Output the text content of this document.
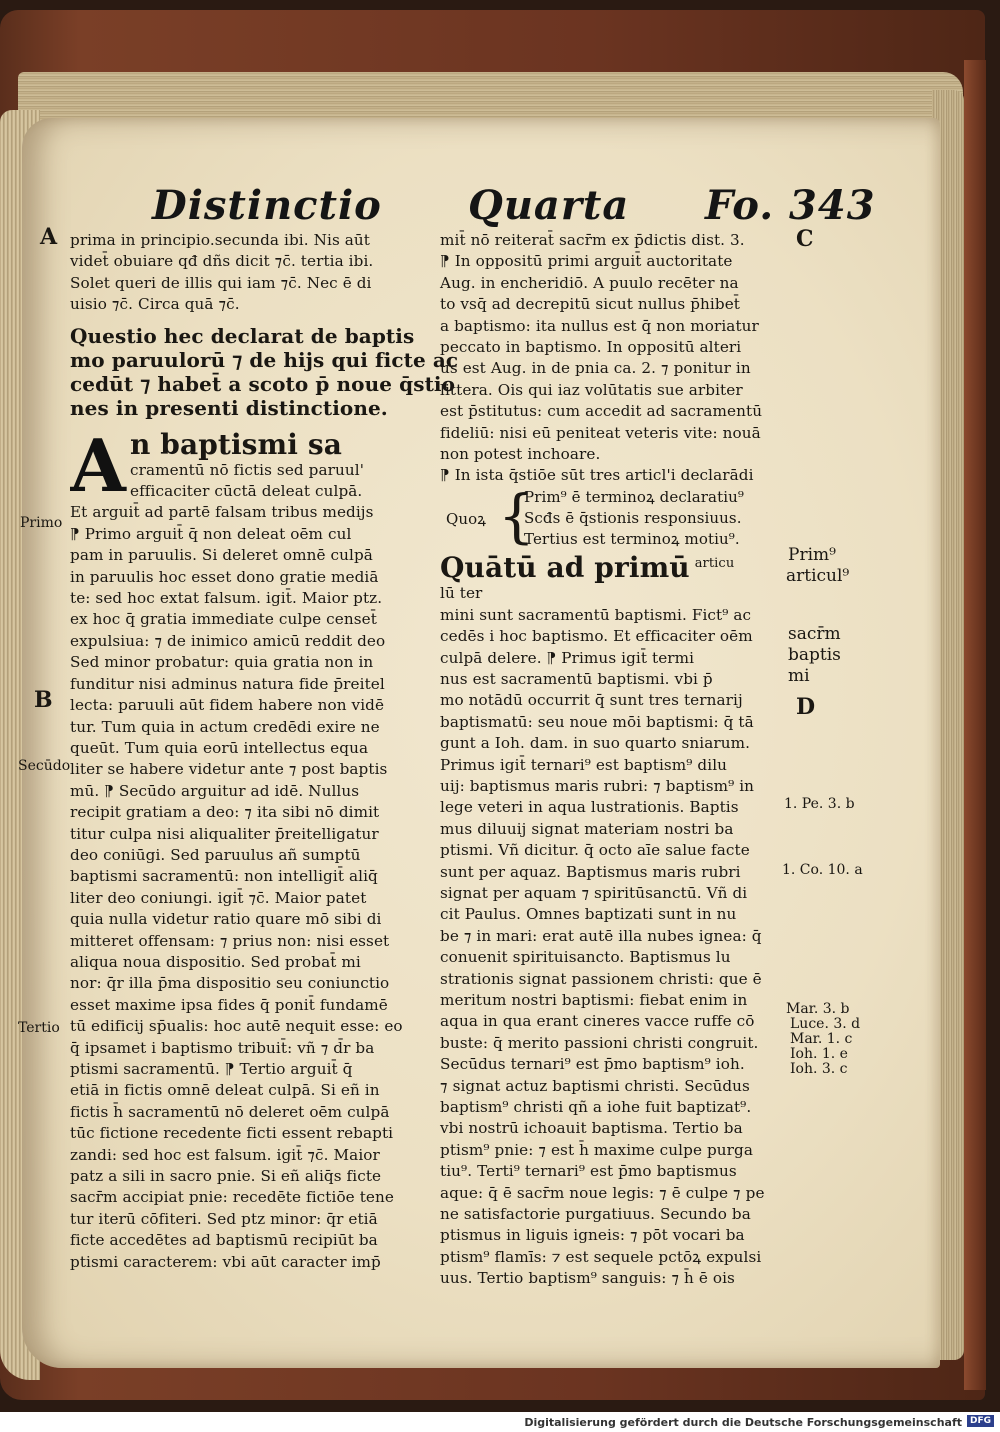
Distinctio Quarta Fo. 343

prima in principio.secunda ibi. Nis aūt

videt̄ obuiare qđ dñs dicit ⁊c̄. tertia ibi.

Solet queri de illis qui iam ⁊c̄. Nec ē di

uisio ⁊c̄. Circa quā ⁊c̄.

Questio hec declarat de baptis

mo paruulorū ⁊ de hijs qui ficte ac

cedūt ⁊ habet̄ a scoto p̄ noue q̄stio

nes in presenti distinctione.

A n baptismi sa

cramentū nō fictis sed paruul'

efficaciter cūctā deleat culpā.

Et arguit̄ ad partē falsam tribus medijs

⁋ Primo arguit̄ q̄ non deleat oēm cul

pam in paruulis. Si deleret omnē culpā

in paruulis hoc esset dono gratie mediā

te: sed hoc extat falsum. igit̄. Maior ptz.

ex hoc q̄ gratia immediate culpe censet̄

expulsiua: ⁊ de inimico amicū reddit deo

Sed minor probatur: quia gratia non in

funditur nisi adminus natura fide p̄reitel

lecta: paruuli aūt fidem habere non vidē

tur. Tum quia in actum credēdi exire ne

queūt. Tum quia eorū intellectus equa

liter se habere videtur ante ⁊ post baptis

mū. ⁋ Secūdo arguitur ad idē. Nullus

recipit gratiam a deo: ⁊ ita sibi nō dimit

titur culpa nisi aliqualiter p̄reitelligatur

deo coniūgi. Sed paruulus añ sumptū

baptismi sacramentū: non intelligit̄ aliq̄

liter deo coniungi. igit̄ ⁊c̄. Maior patet

quia nulla videtur ratio quare mō sibi di

mitteret offensam: ⁊ prius non: nisi esset

aliqua noua dispositio. Sed probat̄ mi

nor: q̄r illa p̄ma dispositio seu coniunctio

esset maxime ipsa fides q̄ ponit̄ fundamē

tū edificij sp̄ualis: hoc autē nequit esse: eo

q̄ ipsamet i baptismo tribuit̄: vñ ⁊ d̄r ba

ptismi sacramentū. ⁋ Tertio arguit̄ q̄

etiā in fictis omnē deleat culpā. Si eñ in

fictis h̄ sacramentū nō deleret oēm culpā

tūc fictione recedente ficti essent rebapti

zandi: sed hoc est falsum. igit̄ ⁊c̄. Maior

patz a sili in sacro pnie. Si eñ aliq̄s ficte

sacr̄m accipiat pnie: recedēte fictiōe tene

tur iterū cōfiteri. Sed ptz minor: q̄r etiā

ficte accedētes ad baptismū recipiūt ba

ptismi caracterem: vbi aūt caracter imp̄

mit̄ nō reiterat̄ sacr̄m ex p̄dictis dist. 3.

⁋ In oppositū primi arguit̄ auctoritate

Aug. in encheridiō. A puulo recēter na

to vsq̄ ad decrepitū sicut nullus p̄hibet̄

a baptismo: ita nullus est q̄ non moriatur

peccato in baptismo. In oppositū alteri

us est Aug. in de pnia ca. 2. ⁊ ponitur in

littera. Ois qui iaz volūtatis sue arbiter

est p̄stitutus: cum accedit ad sacramentū

fideliū: nisi eū peniteat veteris vite: nouā

non potest inchoare.

⁋ In ista q̄stiōe sūt tres articl'i declarādi

Quoꝝ {

Prim⁹ ē terminoꝝ declaratiu⁹

Scđs ē q̄stionis responsiuus.

Tertius est terminoꝝ motiu⁹.

Quātū ad primū articu

lū ter

mini sunt sacramentū baptismi. Fict⁹ ac

cedēs i hoc baptismo. Et efficaciter oēm

culpā delere. ⁋ Primus igit̄ termi

nus est sacramentū baptismi. vbi p̄

mo notādū occurrit q̄ sunt tres ternarij

baptismatū: seu noue mōi baptismi: q̄ tā

gunt a Ioh. dam. in suo quarto sniarum.

Primus igit̄ ternari⁹ est baptism⁹ dilu

uij: baptismus maris rubri: ⁊ baptism⁹ in

lege veteri in aqua lustrationis. Baptis

mus diluuij signat materiam nostri ba

ptismi. Vñ dicitur. q̄ octo aīe salue facte

sunt per aquaz. Baptismus maris rubri

signat per aquam ⁊ spiritūsanctū. Vñ di

cit Paulus. Omnes baptizati sunt in nu

be ⁊ in mari: erat autē illa nubes ignea: q̄

conuenit spirituisancto. Baptismus lu

strationis signat passionem christi: que ē

meritum nostri baptismi: fiebat enim in

aqua in qua erant cineres vacce ruffe cō

buste: q̄ merito passioni christi congruit.

Secūdus ternari⁹ est p̄mo baptism⁹ ioh.

⁊ signat actuz baptismi christi. Secūdus

baptism⁹ christi qñ a iohe fuit baptizat⁹.

vbi nostrū ichoauit baptisma. Tertio ba

ptism⁹ pnie: ⁊ est h̄ maxime culpe purga

tiu⁹. Terti⁹ ternari⁹ est p̄mo baptismus

aque: q̄ ē sacr̄m noue legis: ⁊ ē culpe ⁊ pe

ne satisfactorie purgatiuus. Secundo ba

ptismus in liguis igneis: ⁊ pōt vocari ba

ptism⁹ flamīs: ⁊ est sequele pctōꝝ expulsi

uus. Tertio baptism⁹ sanguis: ⁊ h̄ ē ois

A
Primo
B
Secūdo
Tertio
C
Prim⁹
articul⁹
sacr̄m
baptis
mi
D
1. Pe. 3. b
1. Co. 10. a
Mar. 3. b
Luce. 3. d
Mar. 1. c
Ioh. 1. e
Ioh. 3. c
Digitalisierung gefördert durch die Deutsche Forschungsgemeinschaft DFG
